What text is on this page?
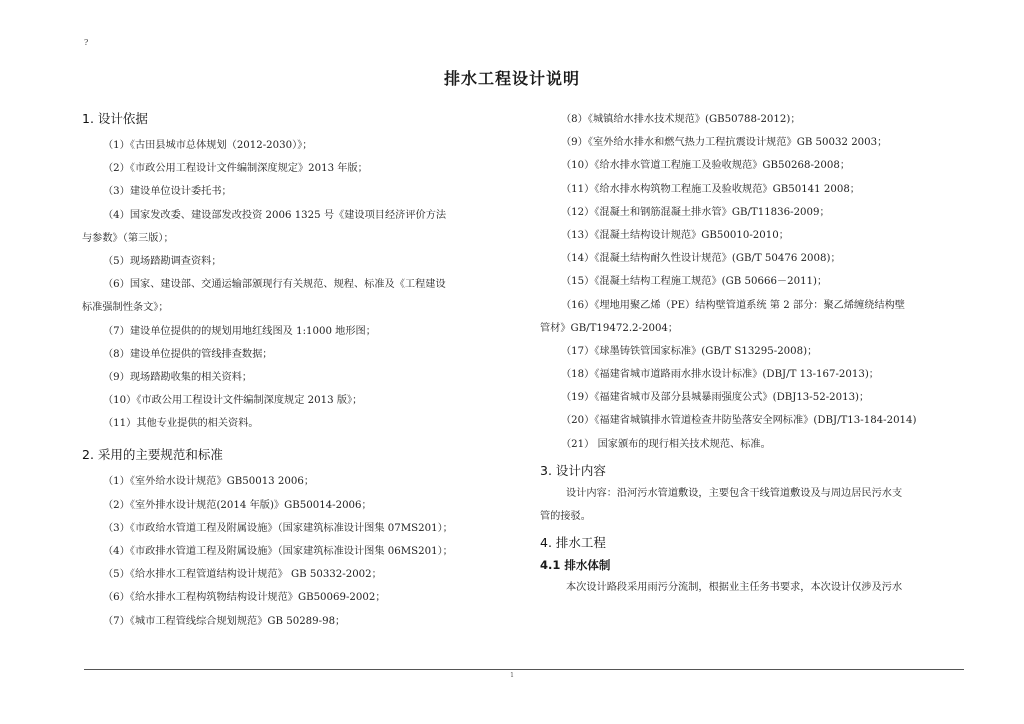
?
排水工程设计说明
1. 设计依据
（1）《古田县城市总体规划（2012-2030）》；
（2）《市政公用工程设计文件编制深度规定》2013 年版；
（3）建设单位设计委托书；
（4）国家发改委、建设部发改投资 2006 1325 号《建设项目经济评价方法
与参数》（第三版）；
（5）现场踏勘调查资料；
（6）国家、建设部、交通运输部颁现行有关规范、规程、标准及《工程建设
标准强制性条文》；
（7）建设单位提供的的规划用地红线图及 1:1000 地形图；
（8）建设单位提供的管线排查数据；
（9）现场踏勘收集的相关资料；
（10）《市政公用工程设计文件编制深度规定 2013 版》；
（11）其他专业提供的相关资料。
2. 采用的主要规范和标准
（1）《室外给水设计规范》GB50013 2006；
（2）《室外排水设计规范(2014 年版)》GB50014-2006；
（3）《市政给水管道工程及附属设施》（国家建筑标准设计图集 07MS201）；
（4）《市政排水管道工程及附属设施》（国家建筑标准设计图集 06MS201）；
（5）《给水排水工程管道结构设计规范》 GB 50332-2002；
（6）《给水排水工程构筑物结构设计规范》GB50069-2002；
（7）《城市工程管线综合规划规范》GB 50289-98；
（8）《城镇给水排水技术规范》(GB50788-2012)；
（9）《室外给水排水和燃气热力工程抗震设计规范》GB 50032 2003；
（10）《给水排水管道工程施工及验收规范》GB50268-2008；
（11）《给水排水构筑物工程施工及验收规范》GB50141 2008；
（12）《混凝土和钢筋混凝土排水管》GB/T11836-2009；
（13）《混凝土结构设计规范》GB50010-2010；
（14）《混凝土结构耐久性设计规范》(GB/T 50476 2008)；
（15）《混凝土结构工程施工规范》(GB 50666－2011)；
（16）《埋地用聚乙烯（PE）结构壁管道系统 第 2 部分：聚乙烯缠绕结构壁
管材》GB/T19472.2-2004；
（17）《球墨铸铁管国家标准》(GB/T S13295-2008)；
（18）《福建省城市道路雨水排水设计标准》(DBJ/T 13-167-2013)；
（19）《福建省城市及部分县城暴雨强度公式》(DBJ13-52-2013)；
（20）《福建省城镇排水管道检查井防坠落安全网标准》(DBJ/T13-184-2014)
（21） 国家颁布的现行相关技术规范、标准。
3. 设计内容
设计内容：沿河污水管道敷设，主要包含干线管道敷设及与周边居民污水支
管的接驳。
4. 排水工程
4.1 排水体制
本次设计路段采用雨污分流制，根据业主任务书要求，本次设计仅涉及污水
1
